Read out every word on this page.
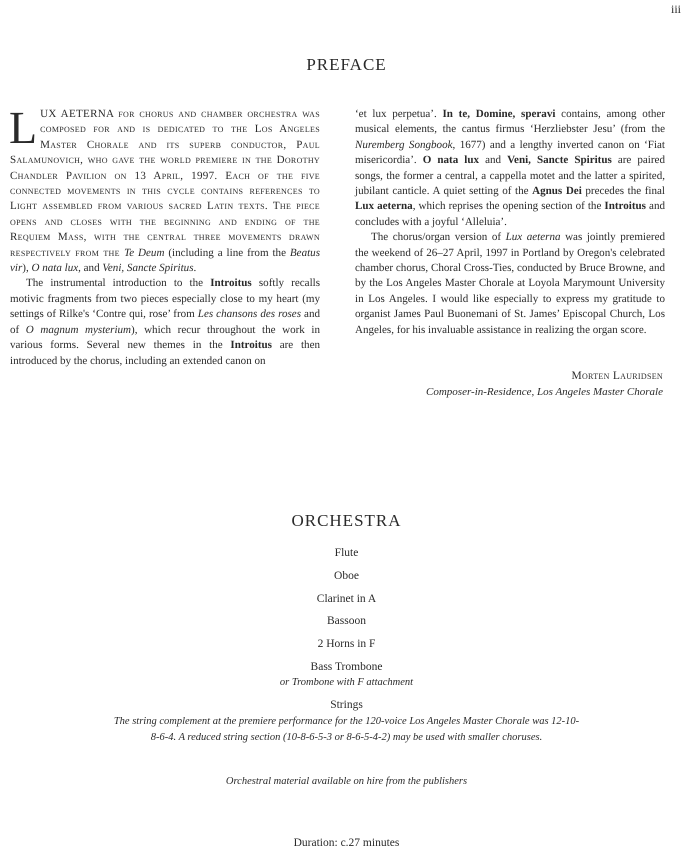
iii
PREFACE

LUX AETERNA for chorus and chamber orchestra was composed for and is dedicated to the Los Angeles Master Chorale and its superb conductor, Paul Salamunovich, who gave the world premiere in the Dorothy Chandler Pavilion on 13 April, 1997. Each of the five connected movements in this cycle contains references to Light assembled from various sacred Latin texts. The piece opens and closes with the beginning and ending of the Requiem Mass, with the central three movements drawn respectively from the Te Deum (including a line from the Beatus vir), O nata lux, and Veni, Sancte Spiritus.

The instrumental introduction to the Introitus softly recalls motivic fragments from two pieces especially close to my heart (my settings of Rilke's ‘Contre qui, rose’ from Les chansons des roses and of O magnum mysterium), which recur throughout the work in various forms. Several new themes in the Introitus are then introduced by the chorus, including an extended canon on

‘et lux perpetua’. In te, Domine, speravi contains, among other musical elements, the cantus firmus ‘Herzliebster Jesu’ (from the Nuremberg Songbook, 1677) and a lengthy inverted canon on ‘Fiat misericordia’. O nata lux and Veni, Sancte Spiritus are paired songs, the former a central, a cappella motet and the latter a spirited, jubilant canticle. A quiet setting of the Agnus Dei precedes the final Lux aeterna, which reprises the opening section of the Introitus and concludes with a joyful ‘Alleluia’.

The chorus/organ version of Lux aeterna was jointly premiered the weekend of 26–27 April, 1997 in Portland by Oregon's celebrated chamber chorus, Choral Cross-Ties, conducted by Bruce Browne, and by the Los Angeles Master Chorale at Loyola Marymount University in Los Angeles. I would like especially to express my gratitude to organist James Paul Buonemani of St. James’ Episcopal Church, Los Angeles, for his invaluable assistance in realizing the organ score.

Morten Lauridsen
Composer-in-Residence, Los Angeles Master Chorale
ORCHESTRA
Flute
Oboe
Clarinet in A
Bassoon
2 Horns in F
Bass Trombone
or Trombone with F attachment
Strings
The string complement at the premiere performance for the 120-voice Los Angeles Master Chorale was 12-10-8-6-4. A reduced string section (10-8-6-5-3 or 8-6-5-4-2) may be used with smaller choruses.
Orchestral material available on hire from the publishers
Duration: c.27 minutes
